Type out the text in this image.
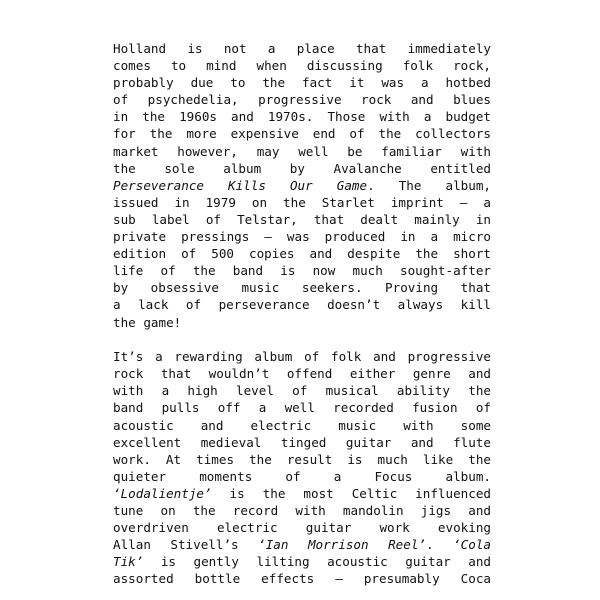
Holland is not a place that immediately
comes to mind when discussing folk rock,
probably due to the fact it was a hotbed
of psychedelia, progressive rock and blues
in the 1960s and 1970s. Those with a budget
for the more expensive end of the collectors
market however, may well be familiar with
the sole album by Avalanche entitled
Perseverance Kills Our Game. The album,
issued in 1979 on the Starlet imprint – a
sub label of Telstar, that dealt mainly in
private pressings – was produced in a micro
edition of 500 copies and despite the short
life of the band is now much sought-after
by obsessive music seekers. Proving that
a lack of perseverance doesn’t always kill
the game!
It’s a rewarding album of folk and progressive
rock that wouldn’t offend either genre and
with a high level of musical ability the
band pulls off a well recorded fusion of
acoustic and electric music with some
excellent medieval tinged guitar and flute
work. At times the result is much like the
quieter moments of a Focus album.
‘Lodalientje’ is the most Celtic influenced
tune on the record with mandolin jigs and
overdriven electric guitar work evoking
Allan Stivell’s ‘Ian Morrison Reel’. ‘Cola
Tik’ is gently lilting acoustic guitar and
assorted bottle effects – presumably Coca
